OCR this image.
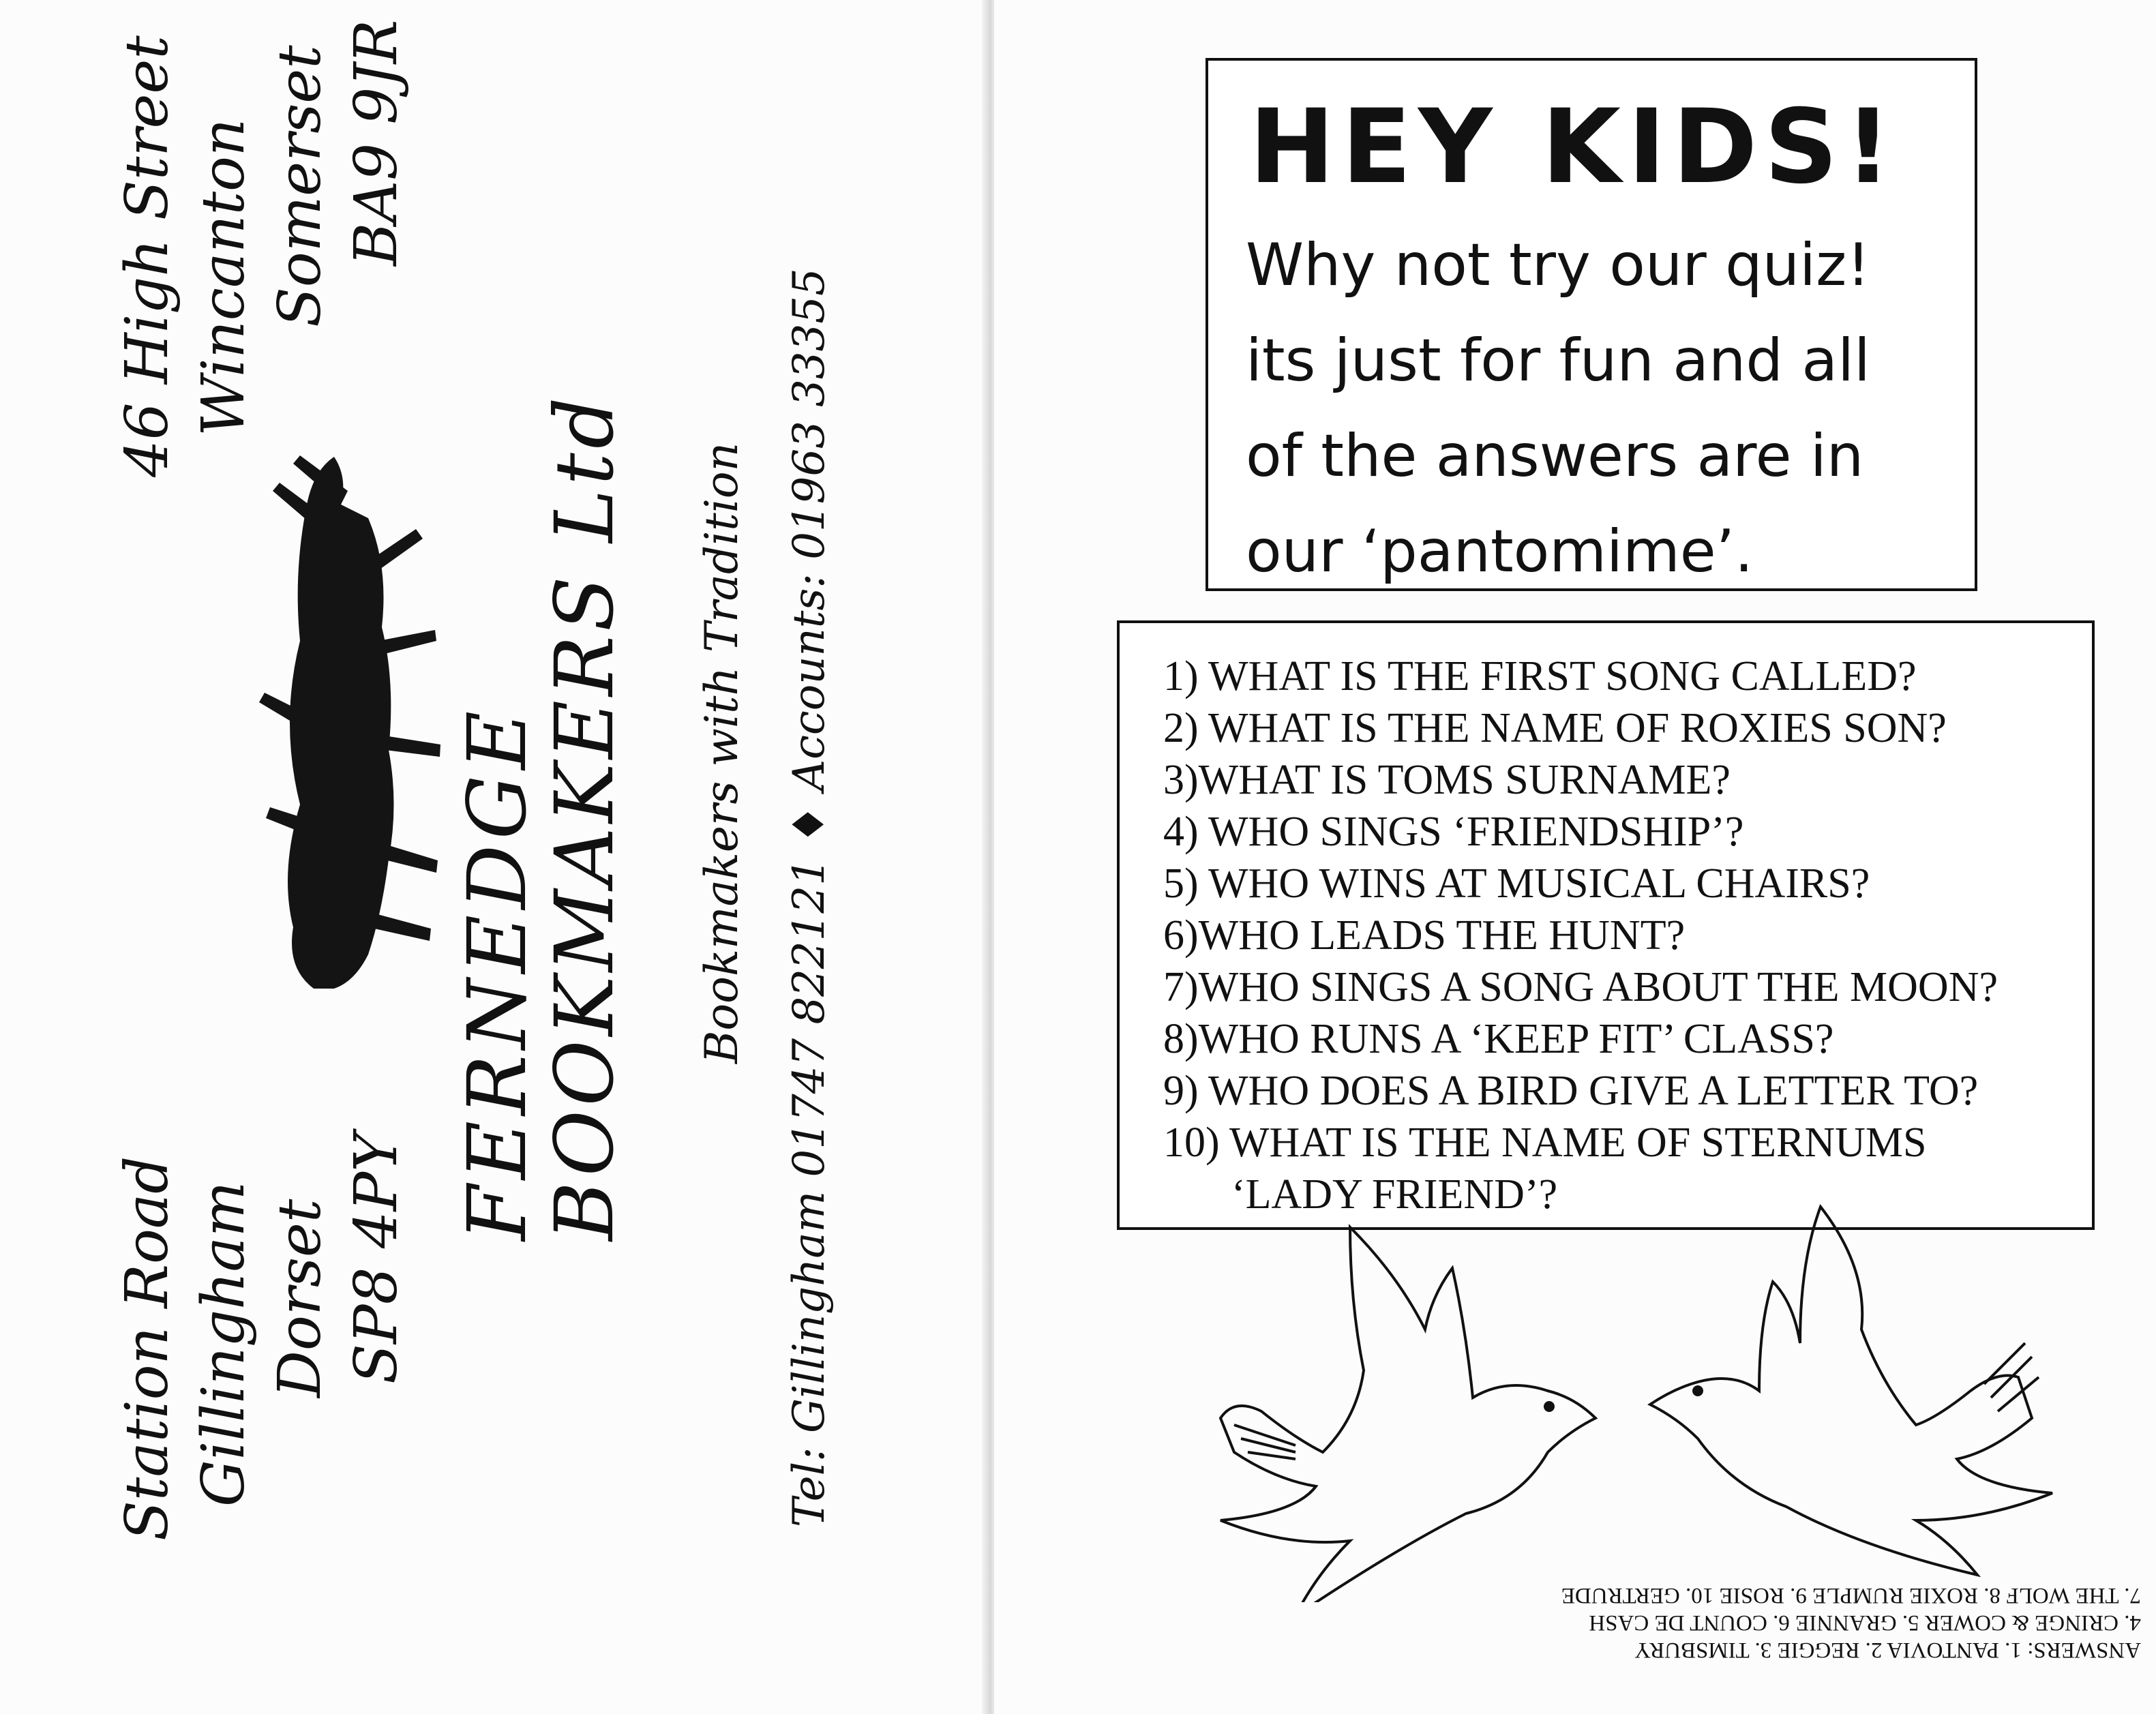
Station Road Gillingham Dorset SP8 4PY
46 High Street Wincanton Somerset BA9 9JR
FERNEDGE
BOOKMAKERS Ltd Bookmakers with Tradition Tel: Gillingham 01747 822121 ♦ Accounts: 01963 33355
HEY KIDS!
Why not try our quiz!
its just for fun and all
of the answers are in
our ‘pantomime’.
1) WHAT IS THE FIRST SONG CALLED?
2) WHAT IS THE NAME OF ROXIES SON?
3)WHAT IS TOMS SURNAME?
4) WHO SINGS ‘FRIENDSHIP’?
5) WHO WINS AT MUSICAL CHAIRS?
6)WHO LEADS THE HUNT?
7)WHO SINGS A SONG ABOUT THE MOON?
8)WHO RUNS A ‘KEEP FIT’ CLASS?
9) WHO DOES A BIRD GIVE A LETTER TO?
10) WHAT IS THE NAME OF STERNUMS
‘LADY FRIEND’?
ANSWERS: 1. PANTOVIA 2. REGGIE 3. TIMSBURY
4. CRINGE & COWER 5. GRANNIE 6. COUNT DE CASH
7. THE WOLF 8. ROXIE RUMPLE 9. ROSIE 10. GERTRUDE
